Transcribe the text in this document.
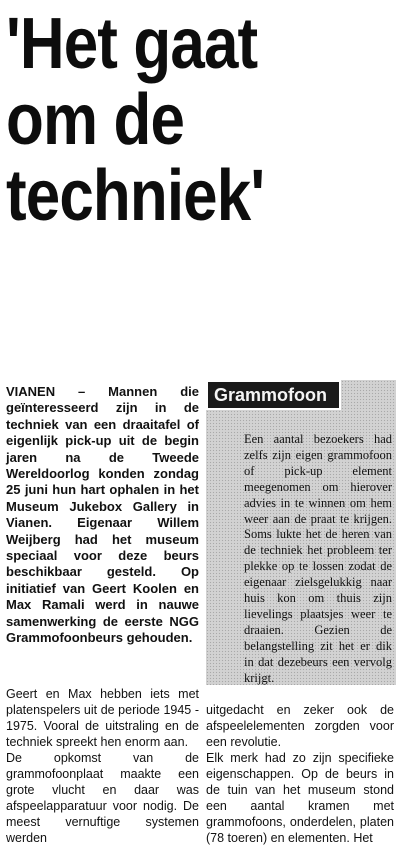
'Het gaat
om de
techniek'

VIANEN – Mannen die geïnteresseerd zijn in de techniek van een draaitafel of eigenlijk pick-up uit de begin jaren na de Tweede Wereldoorlog konden zondag 25 juni hun hart ophalen in het Museum Jukebox Gallery in Vianen. Eigenaar Willem Weijberg had het museum speciaal voor deze beurs beschikbaar gesteld. Op initiatief van Geert Koolen en Max Ramali werd in nauwe samenwerking de eerste NGG Grammofoonbeurs gehouden.

Grammofoon
Een aantal bezoekers had zelfs zijn eigen grammofoon of pick-up element meegenomen om hierover advies in te winnen om hem weer aan de praat te krijgen. Soms lukte het de heren van de techniek het probleem ter plekke op te lossen zodat de eigenaar zielsgelukkig naar huis kon om thuis zijn lievelings plaatsjes weer te draaien. Gezien de belangstelling zit het er dik in dat dezebeurs een vervolg krijgt.

Geert en Max hebben iets met platenspelers uit de periode 1945 - 1975. Vooral de uitstraling en de techniek spreekt hen enorm aan.

De opkomst van de grammofoonplaat maakte een grote vlucht en daar was afspeelapparatuur voor nodig. De meest vernuftige systemen werden

uitgedacht en zeker ook de afspeelelementen zorgden voor een revolutie.

Elk merk had zo zijn specifieke eigenschappen. Op de beurs in de tuin van het museum stond een aantal kramen met grammofoons, onderdelen, platen (78 toeren) en elementen. Het
